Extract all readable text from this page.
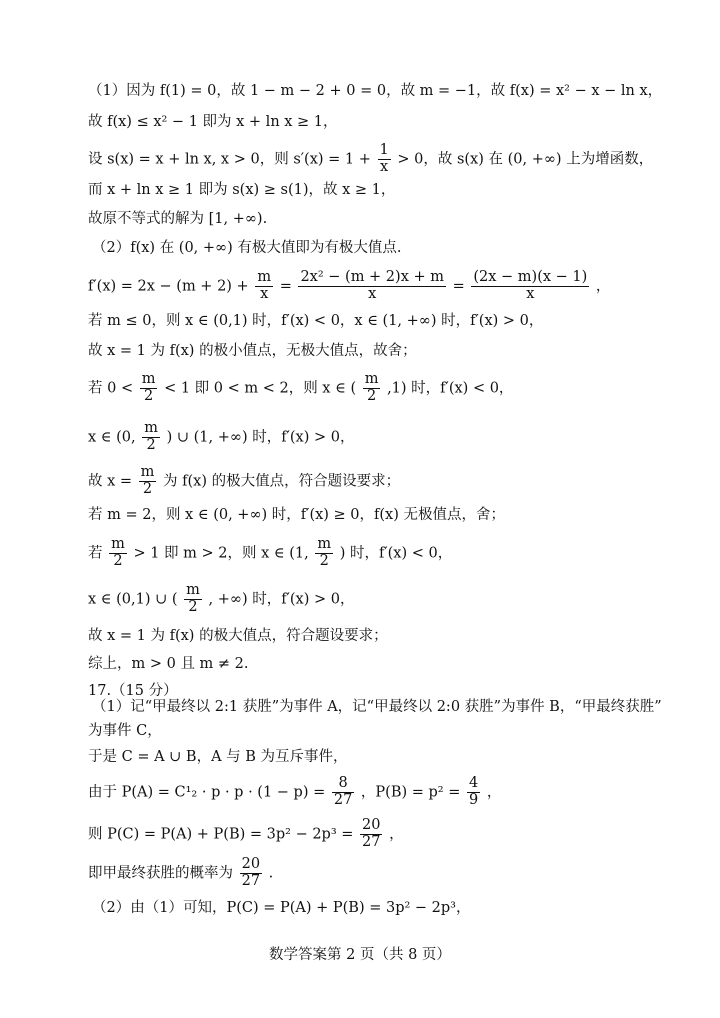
（1）因为 f(1) = 0，故 1 − m − 2 + 0 = 0，故 m = −1，故 f(x) = x² − x − ln x，
故 f(x) ≤ x² − 1 即为 x + ln x ≥ 1，
设 s(x) = x + ln x, x > 0，则 $s'(x) = 1 + \frac{1}{x} > 0$，故 s(x) 在 (0, +∞) 上为增函数，
而 x + ln x ≥ 1 即为 s(x) ≥ s(1)，故 x ≥ 1，
故原不等式的解为 [1, +∞).
（2）f(x) 在 (0, +∞) 有极大值即为有极大值点.
$f'(x) = 2x - (m + 2) + \frac{m}{x} = \frac{\text{2x² − (m + 2)x + m}}{x} = \frac{(2x - m)(x - 1)}{x}$ ，
若 m ≤ 0，则 x ∈ (0,1) 时，f′(x) < 0，x ∈ (1, +∞) 时，f′(x) > 0，
故 x = 1 为 f(x) 的极小值点，无极大值点，故舍；
若 $0 < \frac{m}{2} < 1$ 即 0 < m < 2，则 x ∈ ( $\frac{m}{2} ,1$) 时，f′(x) < 0，
x ∈ (0, $\frac{m}{2}$ ) ∪ (1, +∞) 时，f′(x) > 0，
故 $x = \frac{m}{2}$ 为 f(x) 的极大值点，符合题设要求；
若 m = 2，则 x ∈ (0, +∞) 时，f′(x) ≥ 0，f(x) 无极值点，舍；
若 $\frac{m}{2} > 1$ 即 m > 2，则 x ∈ (1, $\frac{m}{2}$ ) 时，f′(x) < 0，
x ∈ (0,1) ∪ ( $\frac{m}{2}$ , +∞) 时，f′(x) > 0，
故 x = 1 为 f(x) 的极大值点，符合题设要求；
综上，m > 0 且 m ≠ 2.
17.（15 分）
（1）记“甲最终以 2:1 获胜”为事件 A，记“甲最终以 2:0 获胜”为事件 B，“甲最终获胜”
为事件 C，
于是 C = A ∪ B，A 与 B 为互斥事件，
由于 $P(A) = C^1_2 \cdot p \cdot p \cdot (1 - p) = \frac{8}{27}$ ，$P(B) = p^2 = \frac{4}{9}$ ，
则 $P(C) = P(A) + P(B) = 3p^2 - 2p^3 = \frac{20}{27}$ ，
即甲最终获胜的概率为 $\frac{20}{27}$ .
（2）由（1）可知，P(C) = P(A) + P(B) = 3p² − 2p³，
数学答案第 2 页（共 8 页）
